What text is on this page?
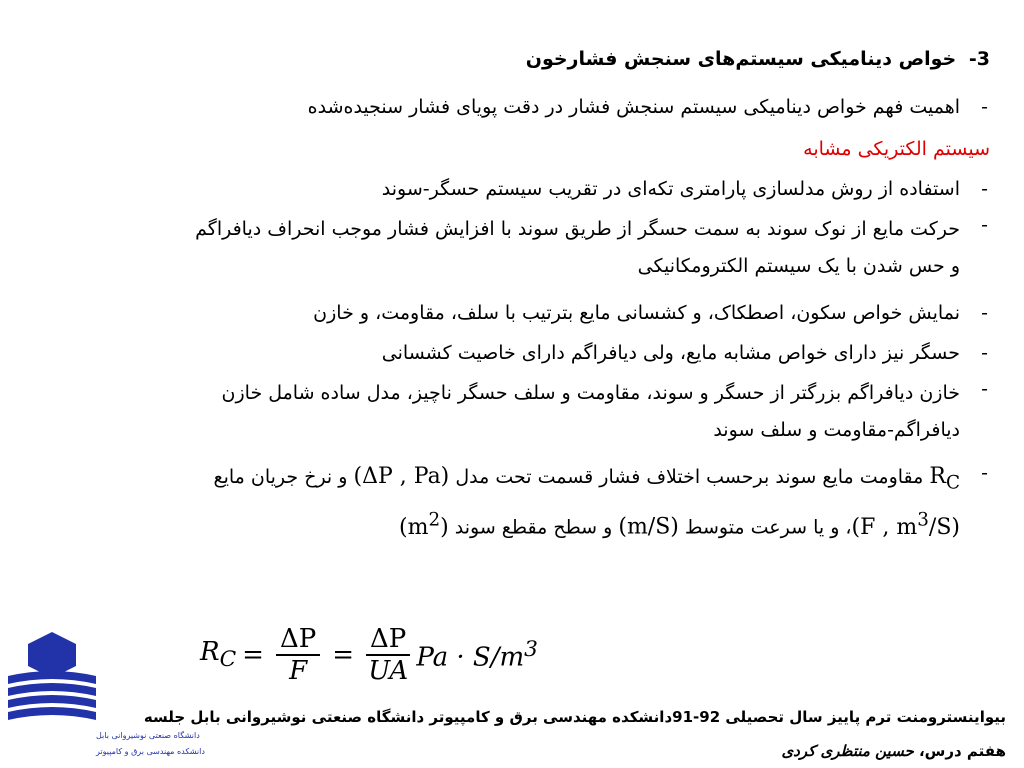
3- خواص دینامیکی سیستم‌های سنجش فشارخون
-
اهمیت فهم خواص دینامیکی سیستم سنجش فشار در دقت پویای فشار سنجیده‌شده
سیستم الکتریکی مشابه
-
استفاده از روش مدلسازی پارامتری تکه‌ای در تقریب سیستم حسگر-سوند
-
حرکت مایع از نوک سوند به سمت حسگر از طریق سوند با افزایش فشار موجب انحراف دیافراگم
و حس شدن با یک سیستم الکترومکانیکی
-
نمایش خواص سکون، اصطکاک، و کشسانی مایع بترتیب با سلف، مقاومت، و خازن
-
حسگر نیز دارای خواص مشابه مایع، ولی دیافراگم دارای خاصیت کشسانی
-
خازن دیافراگم بزرگتر از حسگر و سوند، مقاومت و سلف حسگر ناچیز، مدل ساده شامل خازن
دیافراگم-مقاومت و سلف سوند
-
$R_C$ مقاومت مایع سوند برحسب اختلاف فشار قسمت تحت مدل (ΔP , Pa) و نرخ جریان مایع
(F , $m^3/S)،$ و یا سرعت متوسط (m/S) و سطح مقطع سوند $(m^2)$
$R_C = \frac{\Delta P}{F} = \frac{\Delta P}{\overline{U}A}$ $Pa \cdot S/m^3$
دانشگاه صنعتی نوشیروانی بابل
دانشکده مهندسی برق و کامپیوتر
بیواینسترومنت ترم پاییز سال تحصیلی 92-91دانشکده مهندسی برق و کامپیوتر دانشگاه صنعتی نوشیروانی بابل جلسه
هفتم درس، حسین منتظری کردی
